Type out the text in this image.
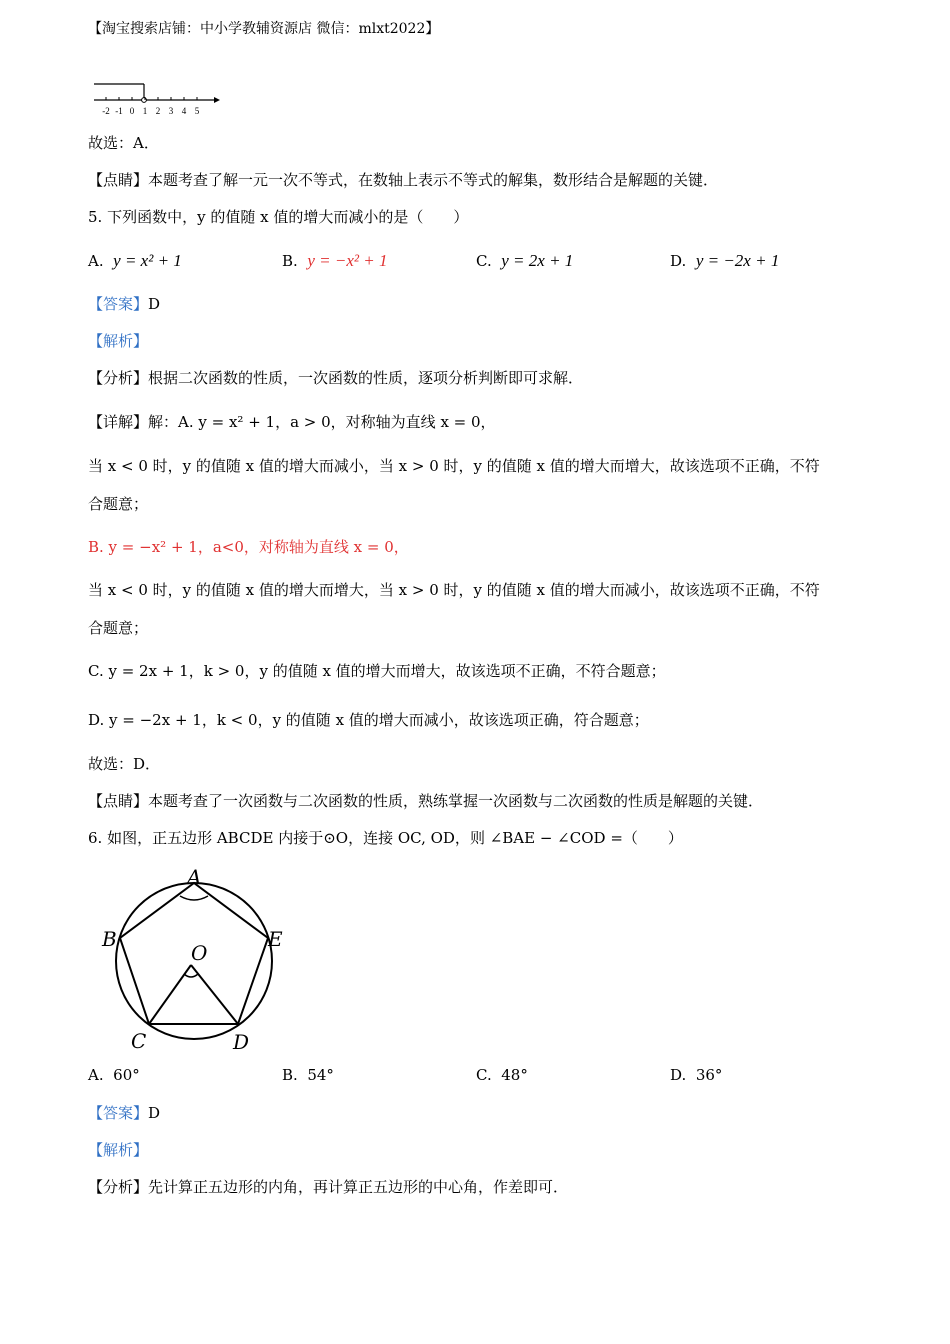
【淘宝搜索店铺：中小学教辅资源店 微信：mlxt2022】
-2 -1 0 1 2 3 4 5
故选：A．
【点睛】本题考查了解一元一次不等式，在数轴上表示不等式的解集，数形结合是解题的关键．
5. 下列函数中，y 的值随 x 值的增大而减小的是（　　）
A. y = x² + 1	B. y = −x² + 1	C. y = 2x + 1	D. y = −2x + 1
【答案】D
【解析】
【分析】根据二次函数的性质，一次函数的性质，逐项分析判断即可求解．
【详解】解：A. y = x² + 1，a > 0，对称轴为直线 x = 0，
当 x < 0 时，y 的值随 x 值的增大而减小，当 x > 0 时，y 的值随 x 值的增大而增大，故该选项不正确，不符
合题意；
B. y = −x² + 1，a<0，对称轴为直线 x = 0，
当 x < 0 时，y 的值随 x 值的增大而增大，当 x > 0 时，y 的值随 x 值的增大而减小，故该选项不正确，不符
合题意；
C. y = 2x + 1，k > 0，y 的值随 x 值的增大而增大，故该选项不正确，不符合题意；
D. y = −2x + 1，k < 0，y 的值随 x 值的增大而减小，故该选项正确，符合题意；
故选：D．
【点睛】本题考查了一次函数与二次函数的性质，熟练掌握一次函数与二次函数的性质是解题的关键．
6. 如图，正五边形 ABCDE 内接于⊙O，连接 OC, OD，则 ∠BAE − ∠COD =（　　）
A
B
C	D
E
O
A. 60°	B. 54°	C. 48°	D. 36°
【答案】D
【解析】
【分析】先计算正五边形的内角，再计算正五边形的中心角，作差即可．
